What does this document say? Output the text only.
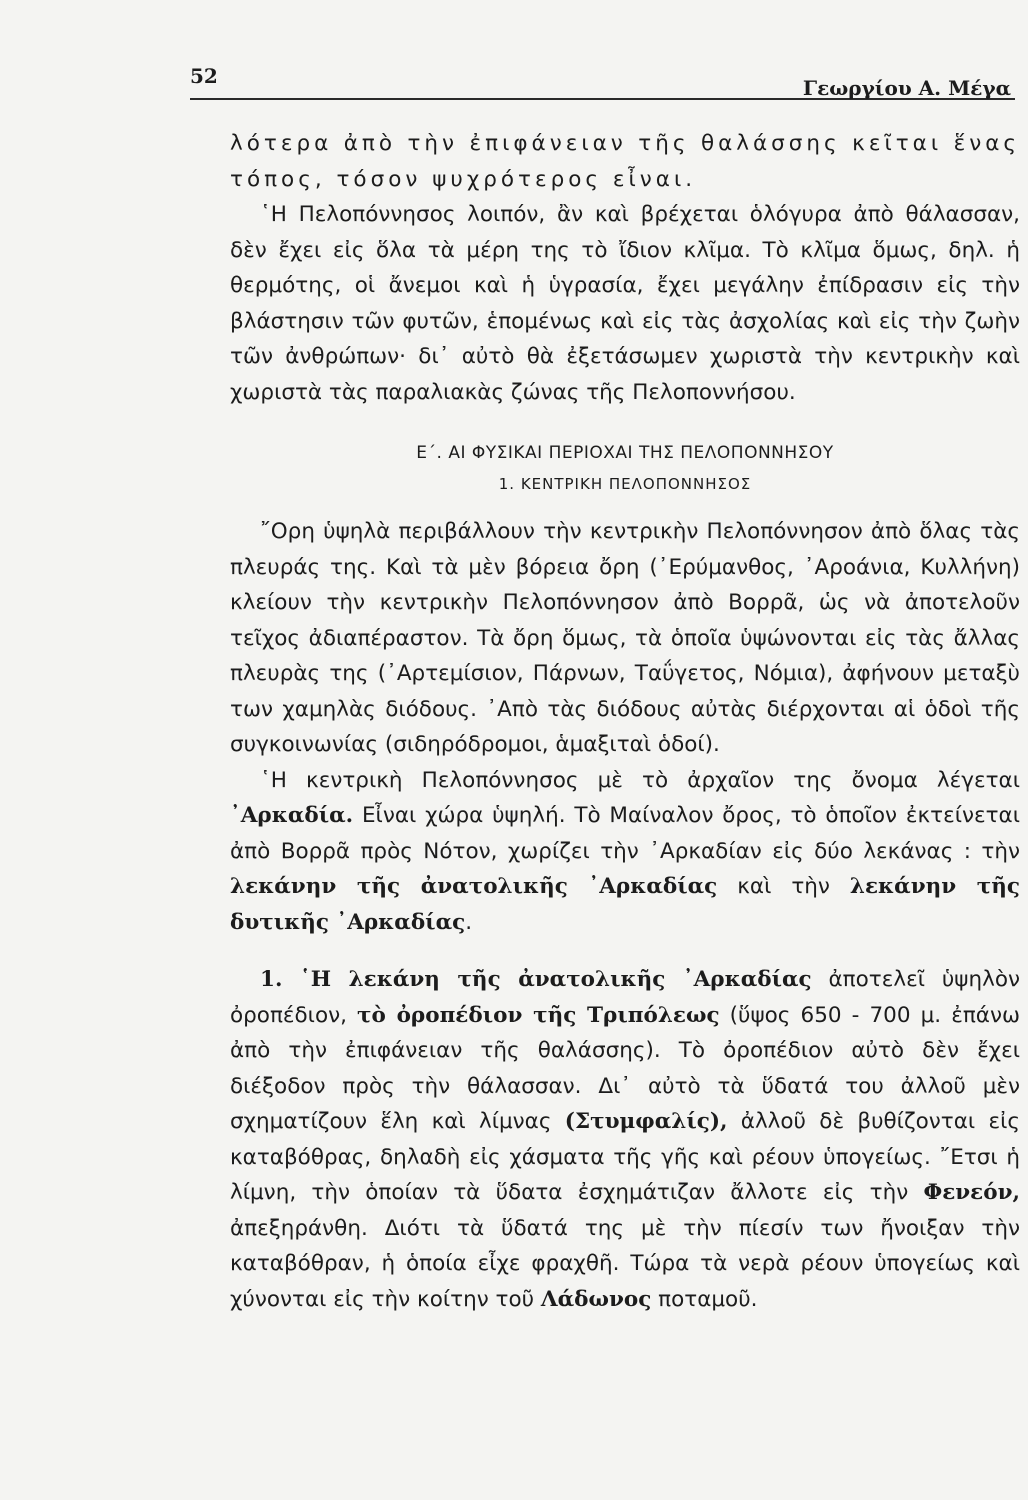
52	Γεωργίου Α. Μέγα

λότερα ἀπὸ τὴν ἐπιφάνειαν τῆς θαλάσσης κεῖται ἕνας τόπος, τόσον ψυχρότερος εἶναι.

῾Η Πελοπόννησος λοιπόν, ἂν καὶ βρέχεται ὁλόγυρα ἀπὸ θάλασσαν, δὲν ἔχει εἰς ὅλα τὰ μέρη της τὸ ἴδιον κλῖμα. Τὸ κλῖμα ὅμως, δηλ. ἡ θερμότης, οἱ ἄνεμοι καὶ ἡ ὑγρασία, ἔχει μεγάλην ἐπίδρασιν εἰς τὴν βλάστησιν τῶν φυτῶν, ἑπομένως καὶ εἰς τὰς ἀσχολίας καὶ εἰς τὴν ζωὴν τῶν ἀνθρώπων· δι᾽ αὐτὸ θὰ ἐξετάσωμεν χωριστὰ τὴν κεντρικὴν καὶ χωριστὰ τὰς παραλιακὰς ζώνας τῆς Πελοποννήσου.

Ε΄. ΑΙ ΦΥΣΙΚΑΙ ΠΕΡΙΟΧΑΙ ΤΗΣ ΠΕΛΟΠΟΝΝΗΣΟΥ
1. ΚΕΝΤΡΙΚΗ ΠΕΛΟΠΟΝΝΗΣΟΣ

῎Ορη ὑψηλὰ περιβάλλουν τὴν κεντρικὴν Πελοπόννησον ἀπὸ ὅλας τὰς πλευράς της. Καὶ τὰ μὲν βόρεια ὄρη (᾽Ερύμανθος, ᾽Αροάνια, Κυλλήνη) κλείουν τὴν κεντρικὴν Πελοπόννησον ἀπὸ Βορρᾶ, ὡς νὰ ἀποτελοῦν τεῖχος ἀδιαπέραστον. Τὰ ὄρη ὅμως, τὰ ὁποῖα ὑψώνονται εἰς τὰς ἄλλας πλευρὰς της (᾽Αρτεμίσιον, Πάρνων, Ταΰγετος, Νόμια), ἀφήνουν μεταξὺ των χαμηλὰς διόδους. ᾽Απὸ τὰς διόδους αὐτὰς διέρχονται αἱ ὁδοὶ τῆς συγκοινωνίας (σιδηρόδρομοι, ἁμαξιταὶ ὁδοί).

῾Η κεντρικὴ Πελοπόννησος μὲ τὸ ἀρχαῖον της ὄνομα λέγεται ᾽Αρκαδία. Εἶναι χώρα ὑψηλή. Τὸ Μαίναλον ὄρος, τὸ ὁποῖον ἐκτείνεται ἀπὸ Βορρᾶ πρὸς Νότον, χωρίζει τὴν ᾽Αρκαδίαν εἰς δύο λεκάνας : τὴν λεκάνην τῆς ἀνατολικῆς ᾽Αρκαδίας καὶ τὴν λεκάνην τῆς δυτικῆς ᾽Αρκαδίας.

1. ῾Η λεκάνη τῆς ἀνατολικῆς ᾽Αρκαδίας ἀποτελεῖ ὑψηλὸν ὀροπέδιον, τὸ ὀροπέδιον τῆς Τριπόλεως (ὕψος 650 - 700 μ. ἐπάνω ἀπὸ τὴν ἐπιφάνειαν τῆς θαλάσσης). Τὸ ὀροπέδιον αὐτὸ δὲν ἔχει διέξοδον πρὸς τὴν θάλασσαν. Δι᾽ αὐτὸ τὰ ὕδατά του ἀλλοῦ μὲν σχηματίζουν ἕλη καὶ λίμνας (Στυμφαλίς), ἀλλοῦ δὲ βυθίζονται εἰς καταβόθρας, δηλαδὴ εἰς χάσματα τῆς γῆς καὶ ρέουν ὑπογείως. ῎Ετσι ἡ λίμνη, τὴν ὁποίαν τὰ ὕδατα ἐσχημάτιζαν ἄλλοτε εἰς τὴν Φενεόν, ἀπεξηράνθη. Διότι τὰ ὕδατά της μὲ τὴν πίεσίν των ἤνοιξαν τὴν καταβόθραν, ἡ ὁποία εἶχε φραχθῆ. Τώρα τὰ νερὰ ρέουν ὑπογείως καὶ χύνονται εἰς τὴν κοίτην τοῦ Λάδωνος ποταμοῦ.
